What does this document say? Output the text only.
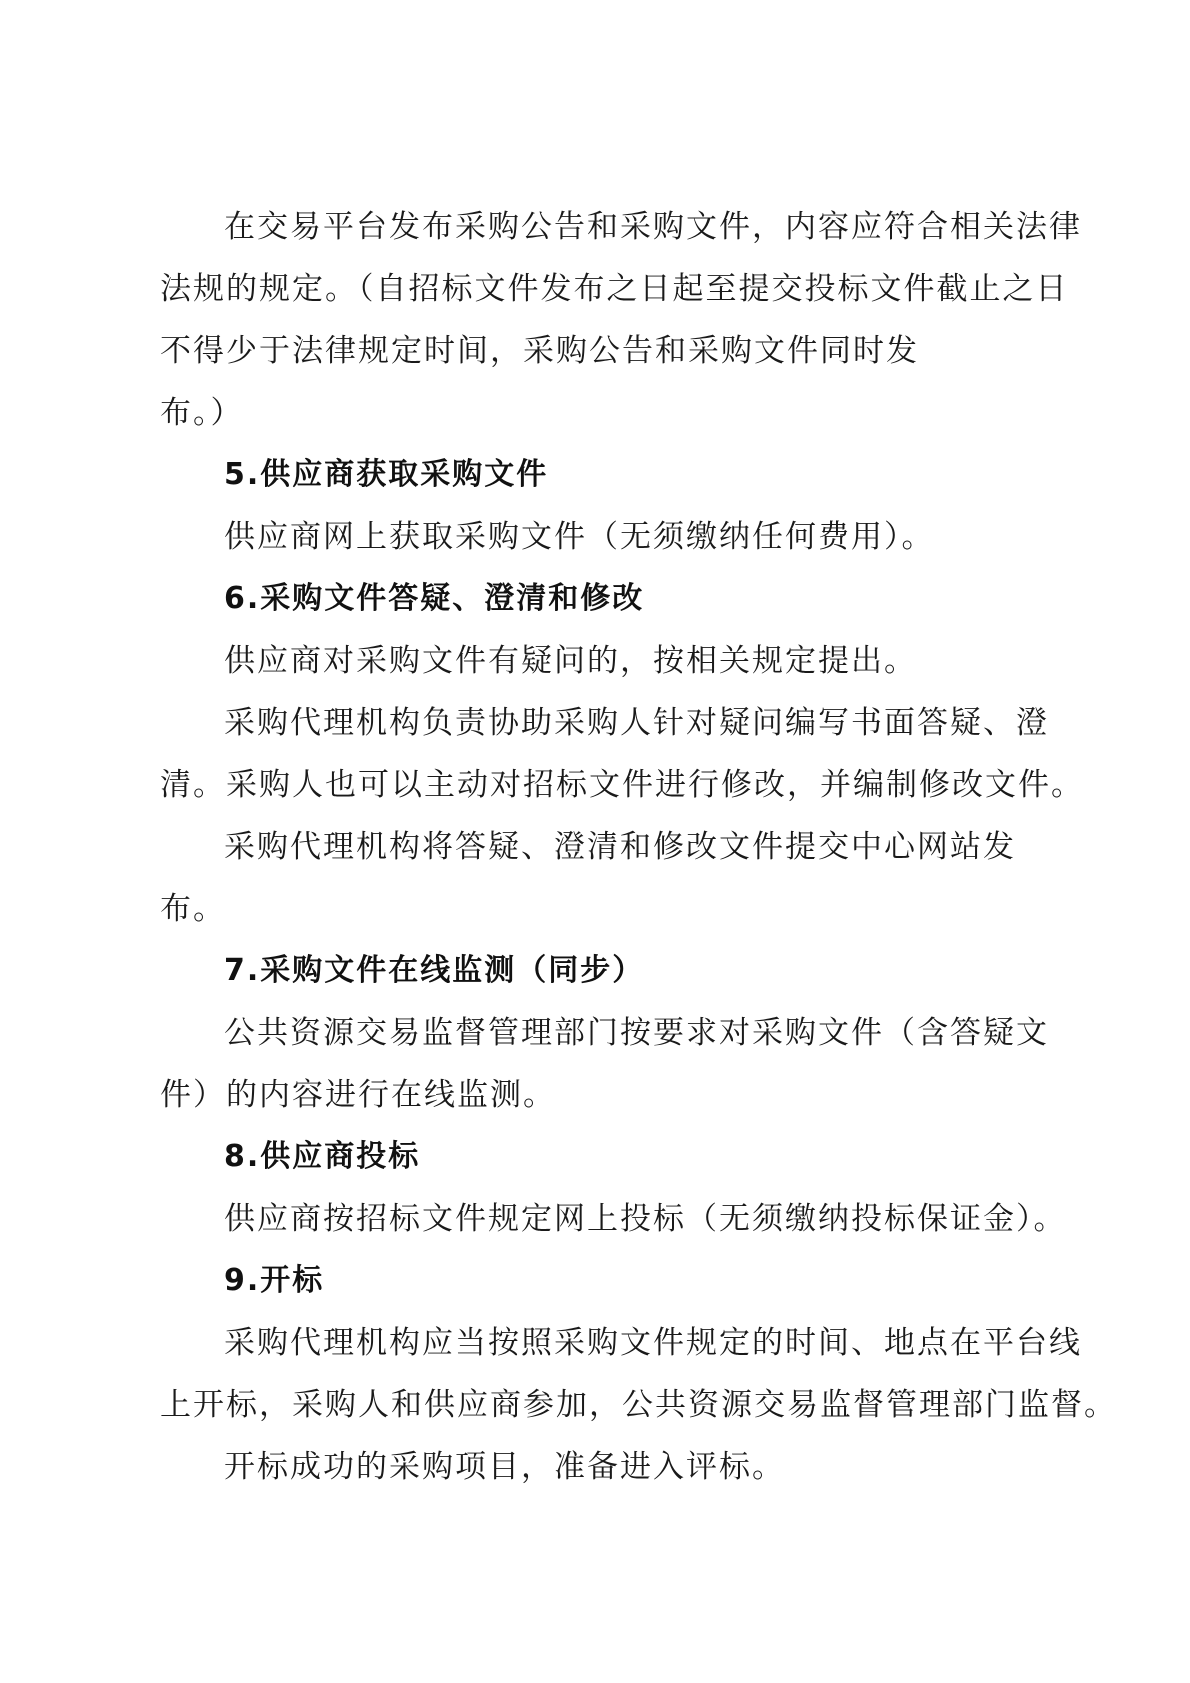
在交易平台发布采购公告和采购文件，内容应符合相关法律
法规的规定。（自招标文件发布之日起至提交投标文件截止之日
不得少于法律规定时间，采购公告和采购文件同时发
布。）
5.供应商获取采购文件
供应商网上获取采购文件（无须缴纳任何费用）。
6.采购文件答疑、澄清和修改
供应商对采购文件有疑问的，按相关规定提出。
采购代理机构负责协助采购人针对疑问编写书面答疑、澄
清。采购人也可以主动对招标文件进行修改，并编制修改文件。
采购代理机构将答疑、澄清和修改文件提交中心网站发
布。
7.采购文件在线监测（同步）
公共资源交易监督管理部门按要求对采购文件（含答疑文
件）的内容进行在线监测。
8.供应商投标
供应商按招标文件规定网上投标（无须缴纳投标保证金）。
9.开标
采购代理机构应当按照采购文件规定的时间、地点在平台线
上开标，采购人和供应商参加，公共资源交易监督管理部门监督。
开标成功的采购项目，准备进入评标。
